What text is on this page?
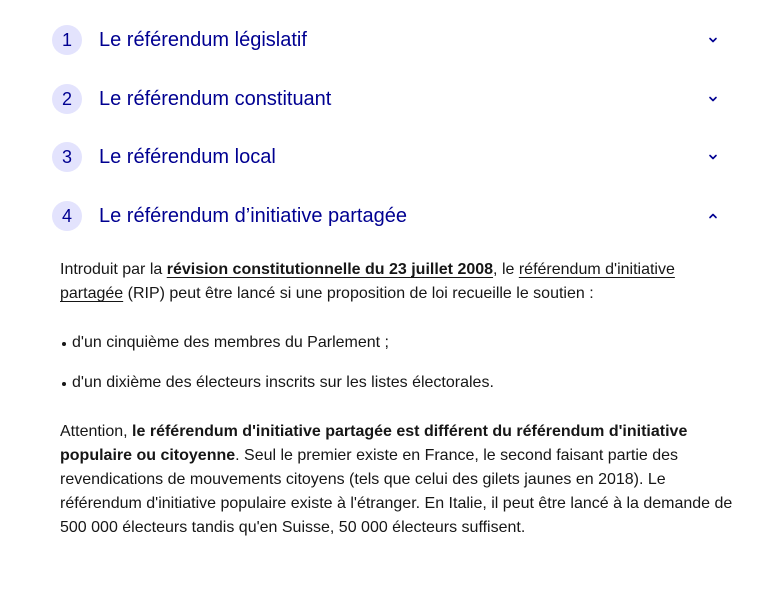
1	Le référendum législatif
2	Le référendum constituant
3	Le référendum local
4	Le référendum d’initiative partagée

Introduit par la révision constitutionnelle du 23 juillet 2008, le référendum d'initiative partagée (RIP) peut être lancé si une proposition de loi recueille le soutien :

d'un cinquième des membres du Parlement ;
d'un dixième des électeurs inscrits sur les listes électorales.

Attention, le référendum d'initiative partagée est différent du référendum d'initiative populaire ou citoyenne. Seul le premier existe en France, le second faisant partie des revendications de mouvements citoyens (tels que celui des gilets jaunes en 2018). Le référendum d'initiative populaire existe à l'étranger. En Italie, il peut être lancé à la demande de 500 000 électeurs tandis qu'en Suisse, 50 000 électeurs suffisent.
